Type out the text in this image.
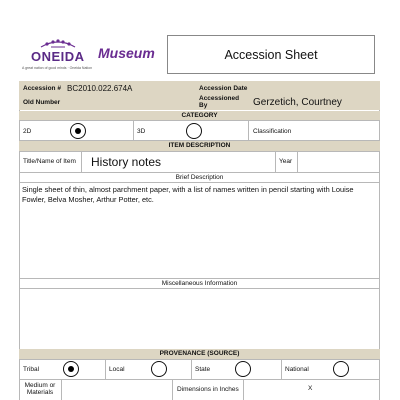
ONEIDA
A great nation of good minds · Oneida Nation
Museum	Accession Sheet
Accession # BC2010.022.674A	Accession Date
Old Number
Accessioned By	Gerzetich, Courtney
CATEGORY
2D	3D	Classification
ITEM DESCRIPTION
Title/Name of Item History notes	Year
Brief Description
Single sheet of thin, almost parchment paper, with a list of names written in pencil starting with Louise Fowler, Belva Mosher, Arthur Potter, etc.
Miscellaneous Information
PROVENANCE (SOURCE)
Tribal	Local	State	National
Medium or Materials	Dimensions in Inches	X
